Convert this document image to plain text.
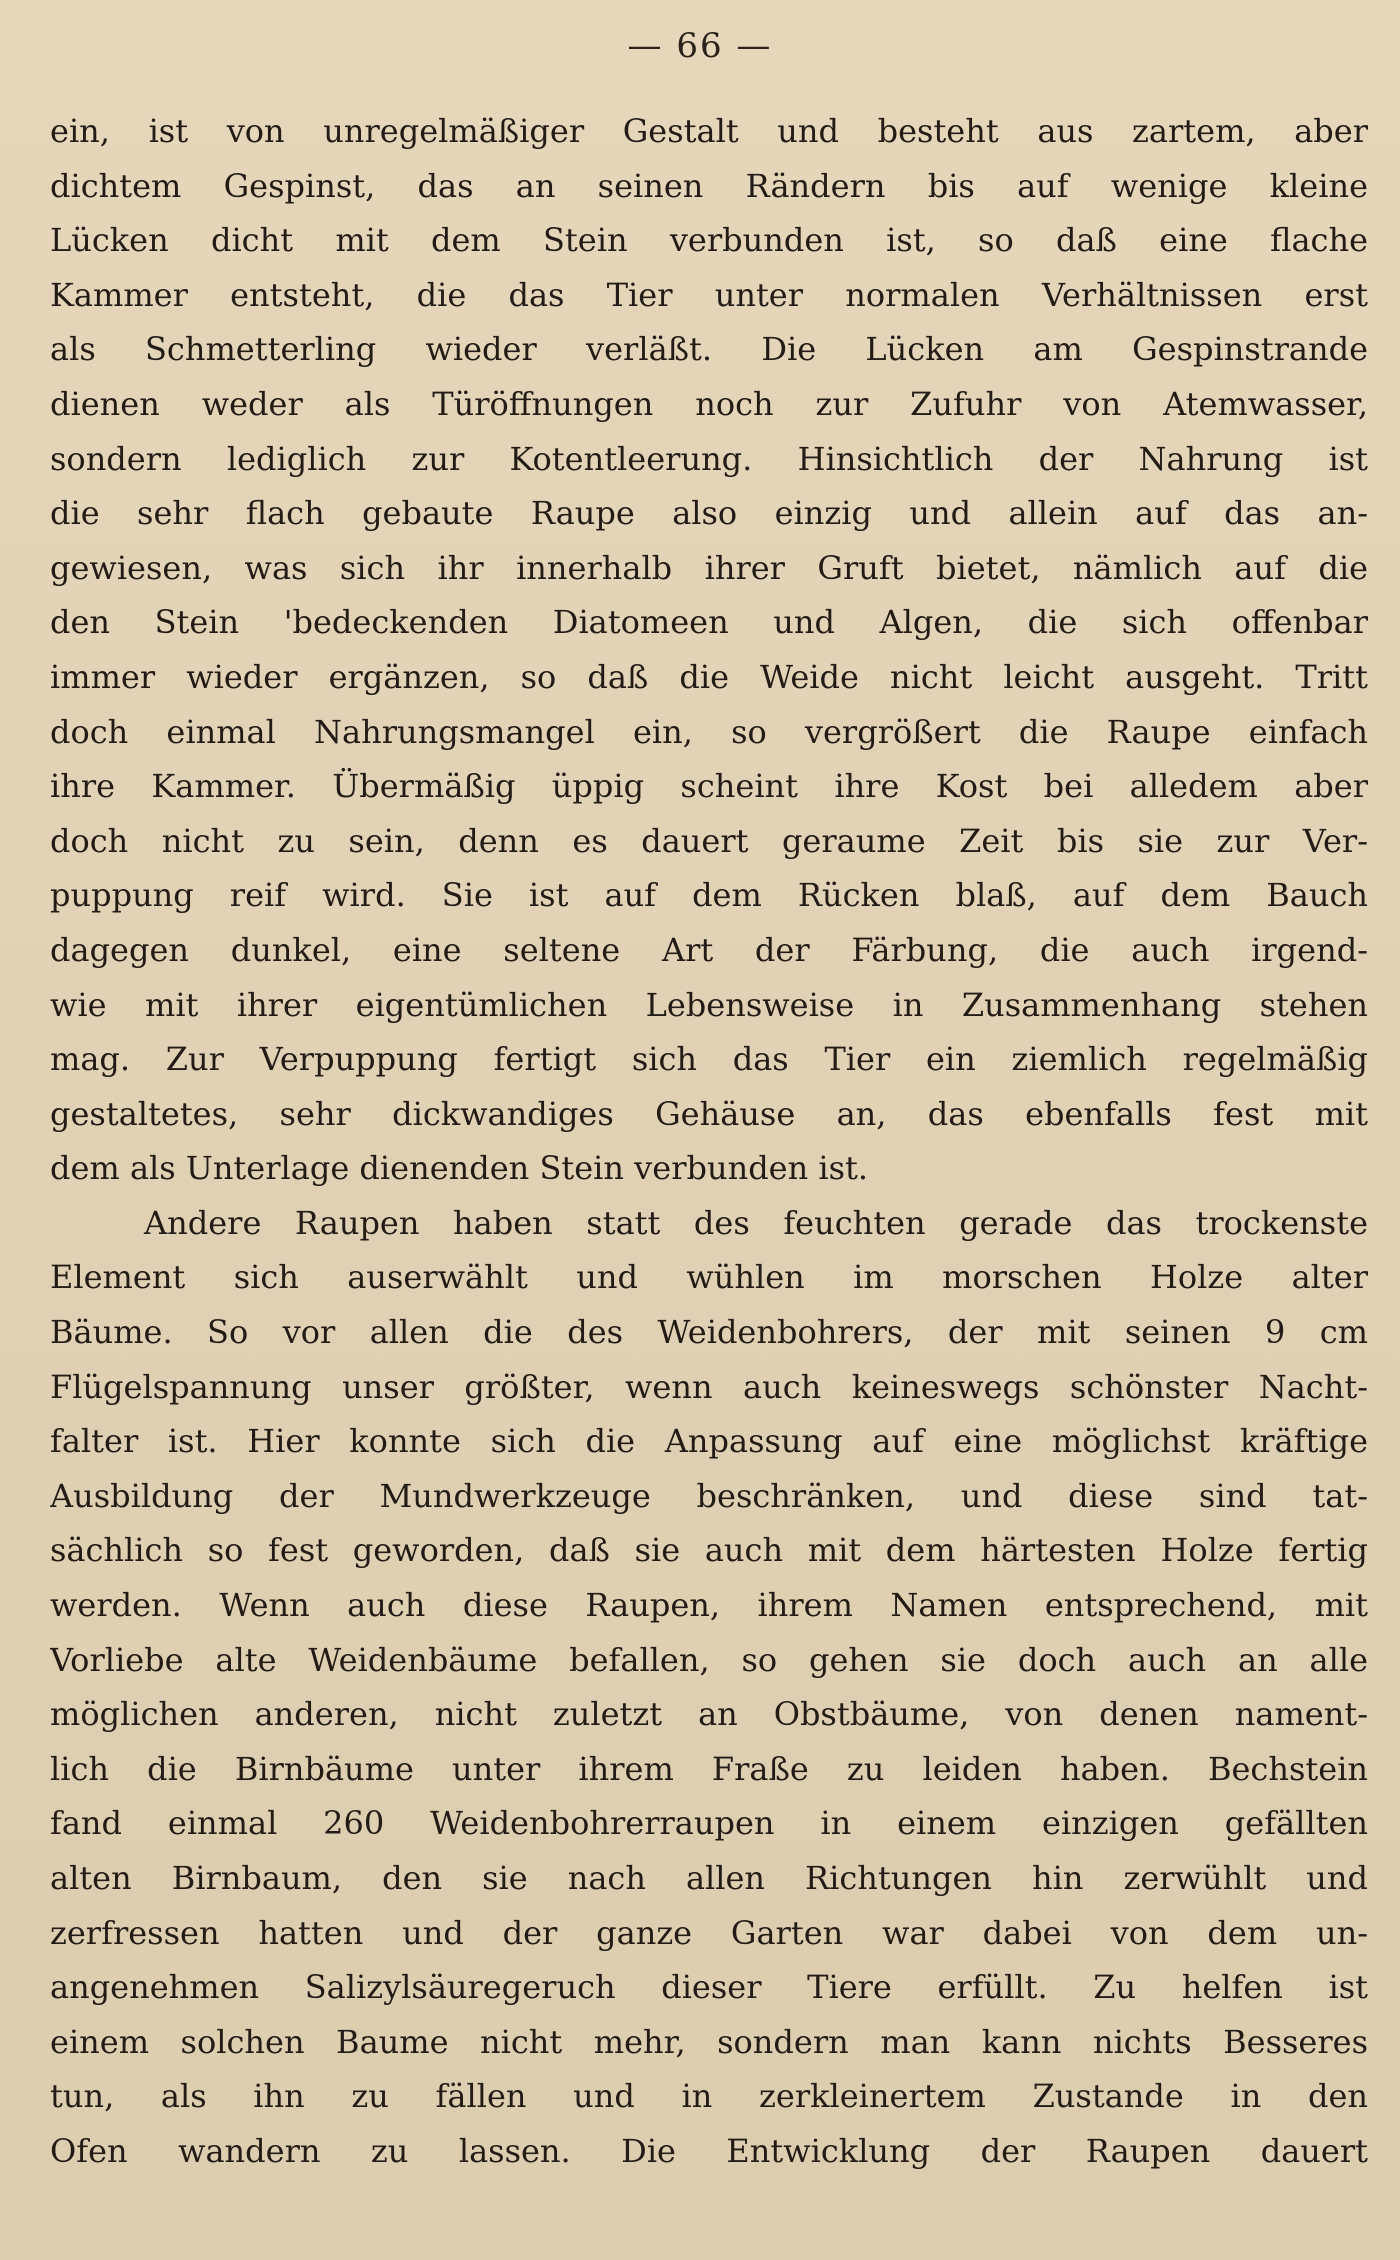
— 66 —
ein, ist von unregelmäßiger Gestalt und besteht aus zartem, aber
dichtem Gespinst, das an seinen Rändern bis auf wenige kleine
Lücken dicht mit dem Stein verbunden ist, so daß eine flache
Kammer entsteht, die das Tier unter normalen Verhältnissen erst
als Schmetterling wieder verläßt. Die Lücken am Gespinstrande
dienen weder als Türöffnungen noch zur Zufuhr von Atemwasser,
sondern lediglich zur Kotentleerung. Hinsichtlich der Nahrung ist
die sehr flach gebaute Raupe also einzig und allein auf das an-
gewiesen, was sich ihr innerhalb ihrer Gruft bietet, nämlich auf die
den Stein 'bedeckenden Diatomeen und Algen, die sich offenbar
immer wieder ergänzen, so daß die Weide nicht leicht ausgeht. Tritt
doch einmal Nahrungsmangel ein, so vergrößert die Raupe einfach
ihre Kammer. Übermäßig üppig scheint ihre Kost bei alledem aber
doch nicht zu sein, denn es dauert geraume Zeit bis sie zur Ver-
puppung reif wird. Sie ist auf dem Rücken blaß, auf dem Bauch
dagegen dunkel, eine seltene Art der Färbung, die auch irgend-
wie mit ihrer eigentümlichen Lebensweise in Zusammenhang stehen
mag. Zur Verpuppung fertigt sich das Tier ein ziemlich regelmäßig
gestaltetes, sehr dickwandiges Gehäuse an, das ebenfalls fest mit
dem als Unterlage dienenden Stein verbunden ist.
Andere Raupen haben statt des feuchten gerade das trockenste
Element sich auserwählt und wühlen im morschen Holze alter
Bäume. So vor allen die des Weidenbohrers, der mit seinen 9 cm
Flügelspannung unser größter, wenn auch keineswegs schönster Nacht-
falter ist. Hier konnte sich die Anpassung auf eine möglichst kräftige
Ausbildung der Mundwerkzeuge beschränken, und diese sind tat-
sächlich so fest geworden, daß sie auch mit dem härtesten Holze fertig
werden. Wenn auch diese Raupen, ihrem Namen entsprechend, mit
Vorliebe alte Weidenbäume befallen, so gehen sie doch auch an alle
möglichen anderen, nicht zuletzt an Obstbäume, von denen nament-
lich die Birnbäume unter ihrem Fraße zu leiden haben. Bechstein
fand einmal 260 Weidenbohrerraupen in einem einzigen gefällten
alten Birnbaum, den sie nach allen Richtungen hin zerwühlt und
zerfressen hatten und der ganze Garten war dabei von dem un-
angenehmen Salizylsäuregeruch dieser Tiere erfüllt. Zu helfen ist
einem solchen Baume nicht mehr, sondern man kann nichts Besseres
tun, als ihn zu fällen und in zerkleinertem Zustande in den
Ofen wandern zu lassen. Die Entwicklung der Raupen dauert
